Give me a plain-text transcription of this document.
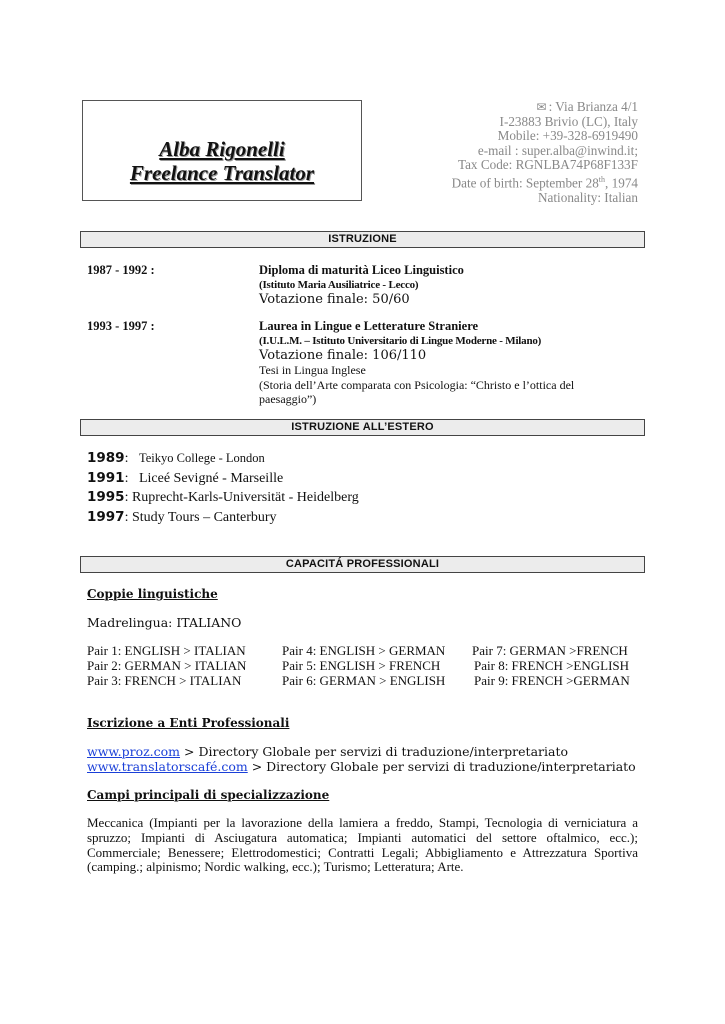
Alba Rigonelli
Freelance Translator
✉ : Via Brianza 4/1
I-23883 Brivio (LC), Italy
Mobile: +39-328-6919490
e-mail : super.alba@inwind.it;
Tax Code: RGNLBA74P68F133F
Date of birth: September 28th, 1974
Nationality: Italian
ISTRUZIONE
1987 - 1992 :	Diploma di maturità Liceo Linguistico
(Istituto Maria Ausiliatrice - Lecco)
Votazione finale: 50/60
1993 - 1997 :	Laurea in Lingue e Letterature Straniere
(I.U.L.M. – Istituto Universitario di Lingue Moderne - Milano)
Votazione finale: 106/110
Tesi in Lingua Inglese
(Storia dell’Arte comparata con Psicologia: “Christo e l’ottica del paesaggio”)
ISTRUZIONE ALL’ESTERO
1989:   Teikyo College - London
1991:   Liceé Sevigné - Marseille
1995: Ruprecht-Karls-Universität - Heidelberg
1997: Study Tours – Canterbury
CAPACITÁ PROFESSIONALI
Coppie linguistiche
Madrelingua: ITALIANO
Pair 1: ENGLISH > ITALIAN	Pair 4: ENGLISH > GERMAN Pair 7: GERMAN >FRENCH
Pair 2: GERMAN > ITALIAN	Pair 5: ENGLISH > FRENCH	Pair 8: FRENCH >ENGLISH
Pair 3: FRENCH > ITALIAN	Pair 6: GERMAN > ENGLISH Pair 9: FRENCH >GERMAN
Iscrizione a Enti Professionali
www.proz.com > Directory Globale per servizi di traduzione/interpretariato
www.translatorscafé.com > Directory Globale per servizi di traduzione/interpretariato
Campi principali di specializzazione
Meccanica (Impianti per la lavorazione della lamiera a freddo, Stampi, Tecnologia di verniciatura a spruzzo; Impianti di Asciugatura automatica; Impianti automatici del settore oftalmico, ecc.); Commerciale; Benessere; Elettrodomestici; Contratti Legali; Abbigliamento e Attrezzatura Sportiva (camping.; alpinismo; Nordic walking, ecc.); Turismo; Letteratura; Arte.
